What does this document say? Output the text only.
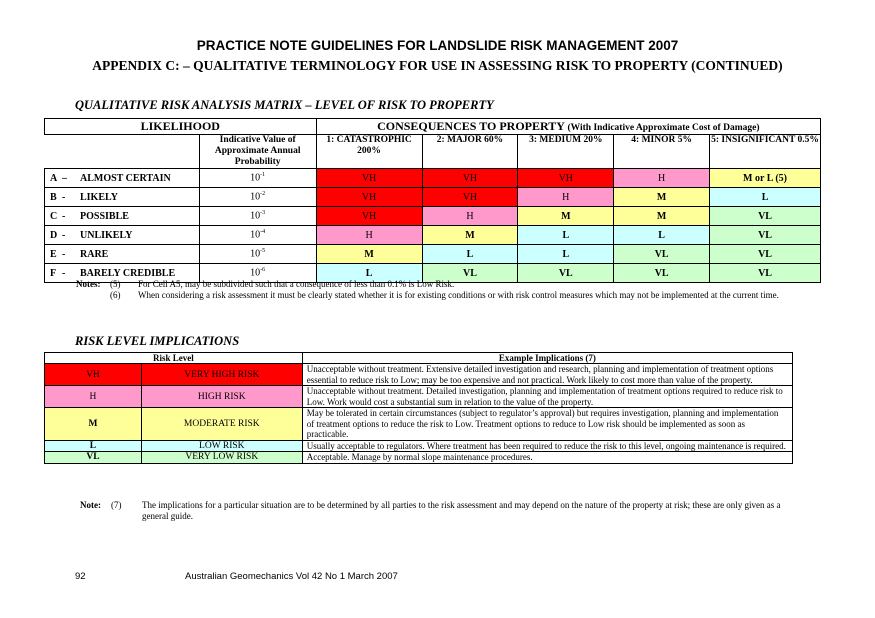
PRACTICE NOTE GUIDELINES FOR LANDSLIDE RISK MANAGEMENT 2007
APPENDIX C: – QUALITATIVE TERMINOLOGY FOR USE IN ASSESSING RISK TO PROPERTY (CONTINUED)
QUALITATIVE RISK ANALYSIS MATRIX – LEVEL OF RISK TO PROPERTY
LIKELIHOOD		CONSEQUENCES TO PROPERTY (With Indicative Approximate Cost of Damage)				
	Indicative Value of Approximate Annual Probability	1: CATASTROPHIC 200%	2: MAJOR 60%	3: MEDIUM 20%	4: MINOR 5%	5: INSIGNIFICANT 0.5%
A – ALMOST CERTAIN	$10^{-1}$	VH	VH	VH	H	M or L (5)
B - LIKELY	$10^{-2}$	VH	VH	H	M	L
C - POSSIBLE	$10^{-3}$	VH	H	M	M	VL
D - UNLIKELY	$10^{-4}$	H	M	L	L	VL
E - RARE	$10^{-5}$	M	L	L	VL	VL
F - BARELY CREDIBLE	$10^{-6}$	L	VL	VL	VL	VL
Notes:	(5)	For Cell A5, may be subdivided such that a consequence of less than 0.1% is Low Risk.
(6)	When considering a risk assessment it must be clearly stated whether it is for existing conditions or with risk control measures which may not be implemented at the current time.
RISK LEVEL IMPLICATIONS
Risk Level		Example Implications (7)
VH	VERY HIGH RISK	Unacceptable without treatment. Extensive detailed investigation and research, planning and implementation of treatment options essential to reduce risk to Low; may be too expensive and not practical. Work likely to cost more than value of the property.
H	HIGH RISK	Unacceptable without treatment. Detailed investigation, planning and implementation of treatment options required to reduce risk to Low. Work would cost a substantial sum in relation to the value of the property.
M	MODERATE RISK	May be tolerated in certain circumstances (subject to regulator’s approval) but requires investigation, planning and implementation of treatment options to reduce the risk to Low. Treatment options to reduce to Low risk should be implemented as soon as practicable.
L	LOW RISK	Usually acceptable to regulators. Where treatment has been required to reduce the risk to this level, ongoing maintenance is required.
VL	VERY LOW RISK	Acceptable. Manage by normal slope maintenance procedures.
Note:	(7)	The implications for a particular situation are to be determined by all parties to the risk assessment and may depend on the nature of the property at risk; these are only given as a general guide.
92	Australian Geomechanics Vol 42 No 1 March 2007
